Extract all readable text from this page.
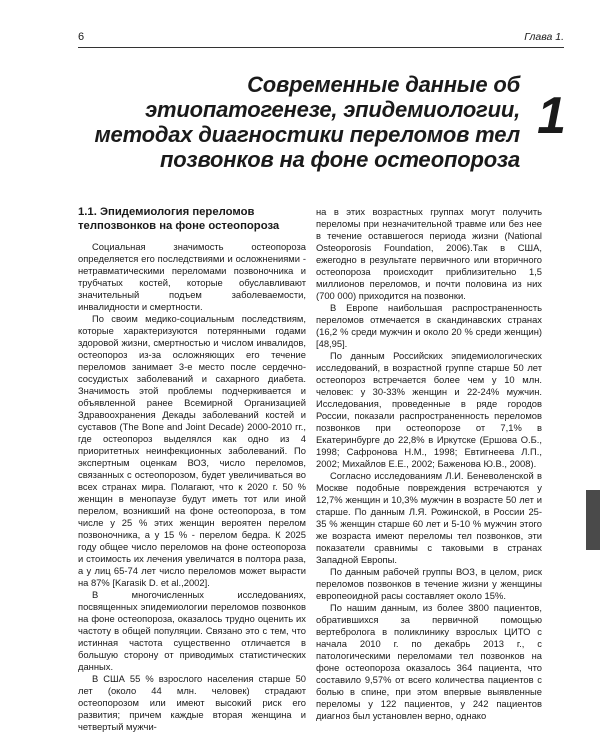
6	Глава 1.
Современные данные об этиопатогенезе, эпидемиологии, методах диагностики переломов тел позвонков на фоне остеопороза
1
1.1. Эпидемиология переломов телпозвонков на фоне остеопороза

Социальная значимость остеопороза определяется его последствиями и осложнениями - нетравматическими переломами позвоночника и трубчатых костей, которые обуславливают значительный подъем заболеваемости, инвалидности и смертности.

По своим медико-социальным последствиям, которые характеризуются потерянными годами здоровой жизни, смертностью и числом инвалидов, остеопороз из-за осложняющих его течение переломов занимает 3-е место после сердечно-сосудистых заболеваний и сахарного диабета. Значимость этой проблемы подчеркивается и объявленной ранее Всемирной Организацией Здравоохранения Декады заболеваний костей и суставов (The Bone and Joint Decade) 2000-2010 гг., где остеопороз выделялся как одно из 4 приоритетных неинфекционных заболеваний. По экспертным оценкам ВОЗ, число переломов, связанных с остеопорозом, будет увеличиваться во всех странах мира. Полагают, что к 2020 г. 50 % женщин в менопаузе будут иметь тот или иной перелом, возникший на фоне остеопороза, в том числе у 25 % этих женщин вероятен перелом позвоночника, а у 15 % - перелом бедра. К 2025 году общее число переломов на фоне остеопороза и стоимость их лечения увеличатся в полтора раза, а у лиц 65-74 лет число переломов может вырасти на 87% [Karasik D. et al.,2002].

В многочисленных исследованиях, посвященных эпидемиологии переломов позвонков на фоне остеопороза, оказалось трудно оценить их частоту в общей популяции. Связано это с тем, что истинная частота существенно отличается в большую сторону от приводимых статистических данных.

В США 55 % взрослого населения старше 50 лет (около 44 млн. человек) страдают остеопорозом или имеют высокий риск его развития; причем каждые вторая женщина и четвертый мужчи-

на в этих возрастных группах могут получить переломы при незначительной травме или без нее в течение оставшегося периода жизни (National Osteoporosis Foundation, 2006).Так в США, ежегодно в результате первичного или вторичного остеопороза происходит приблизительно 1,5 миллионов переломов, и почти половина из них (700 000) приходится на позвонки.

В Европе наибольшая распространенность переломов отмечается в скандинавских странах (16,2 % среди мужчин и около 20 % среди женщин) [48,95].

По данным Российских эпидемиологических исследований, в возрастной группе старше 50 лет остеопороз встречается более чем у 10 млн. человек: у 30-33% женщин и 22-24% мужчин. Исследования, проведенные в ряде городов России, показали распространенность переломов позвонков при остеопорозе от 7,1% в Екатеринбурге до 22,8% в Иркутске (Ершова О.Б., 1998; Сафронова Н.М., 1998; Евтигнеева Л.П., 2002; Михайлов Е.Е., 2002; Баженова Ю.В., 2008).

Согласно исследованиям Л.И. Беневоленской в Москве подобные повреждения встречаются у 12,7% женщин и 10,3% мужчин в возрасте 50 лет и старше. По данным Л.Я. Рожинской, в России 25-35 % женщин старше 60 лет и 5-10 % мужчин этого же возраста имеют переломы тел позвонков, эти показатели сравнимы с таковыми в странах Западной Европы.

По данным рабочей группы ВОЗ, в целом, риск переломов позвонков в течение жизни у женщины европеоидной расы составляет около 15%.

По нашим данным, из более 3800 пациентов, обратившихся за первичной помощью вертебролога в поликлинику взрослых ЦИТО с начала 2010 г. по декабрь 2013 г., с патологическими переломами тел позвонков на фоне остеопороза оказалось 364 пациента, что составило 9,57% от всего количества пациентов с болью в спине, при этом впервые выявленные переломы у 122 пациентов, у 242 пациентов диагноз был установлен верно, однако
